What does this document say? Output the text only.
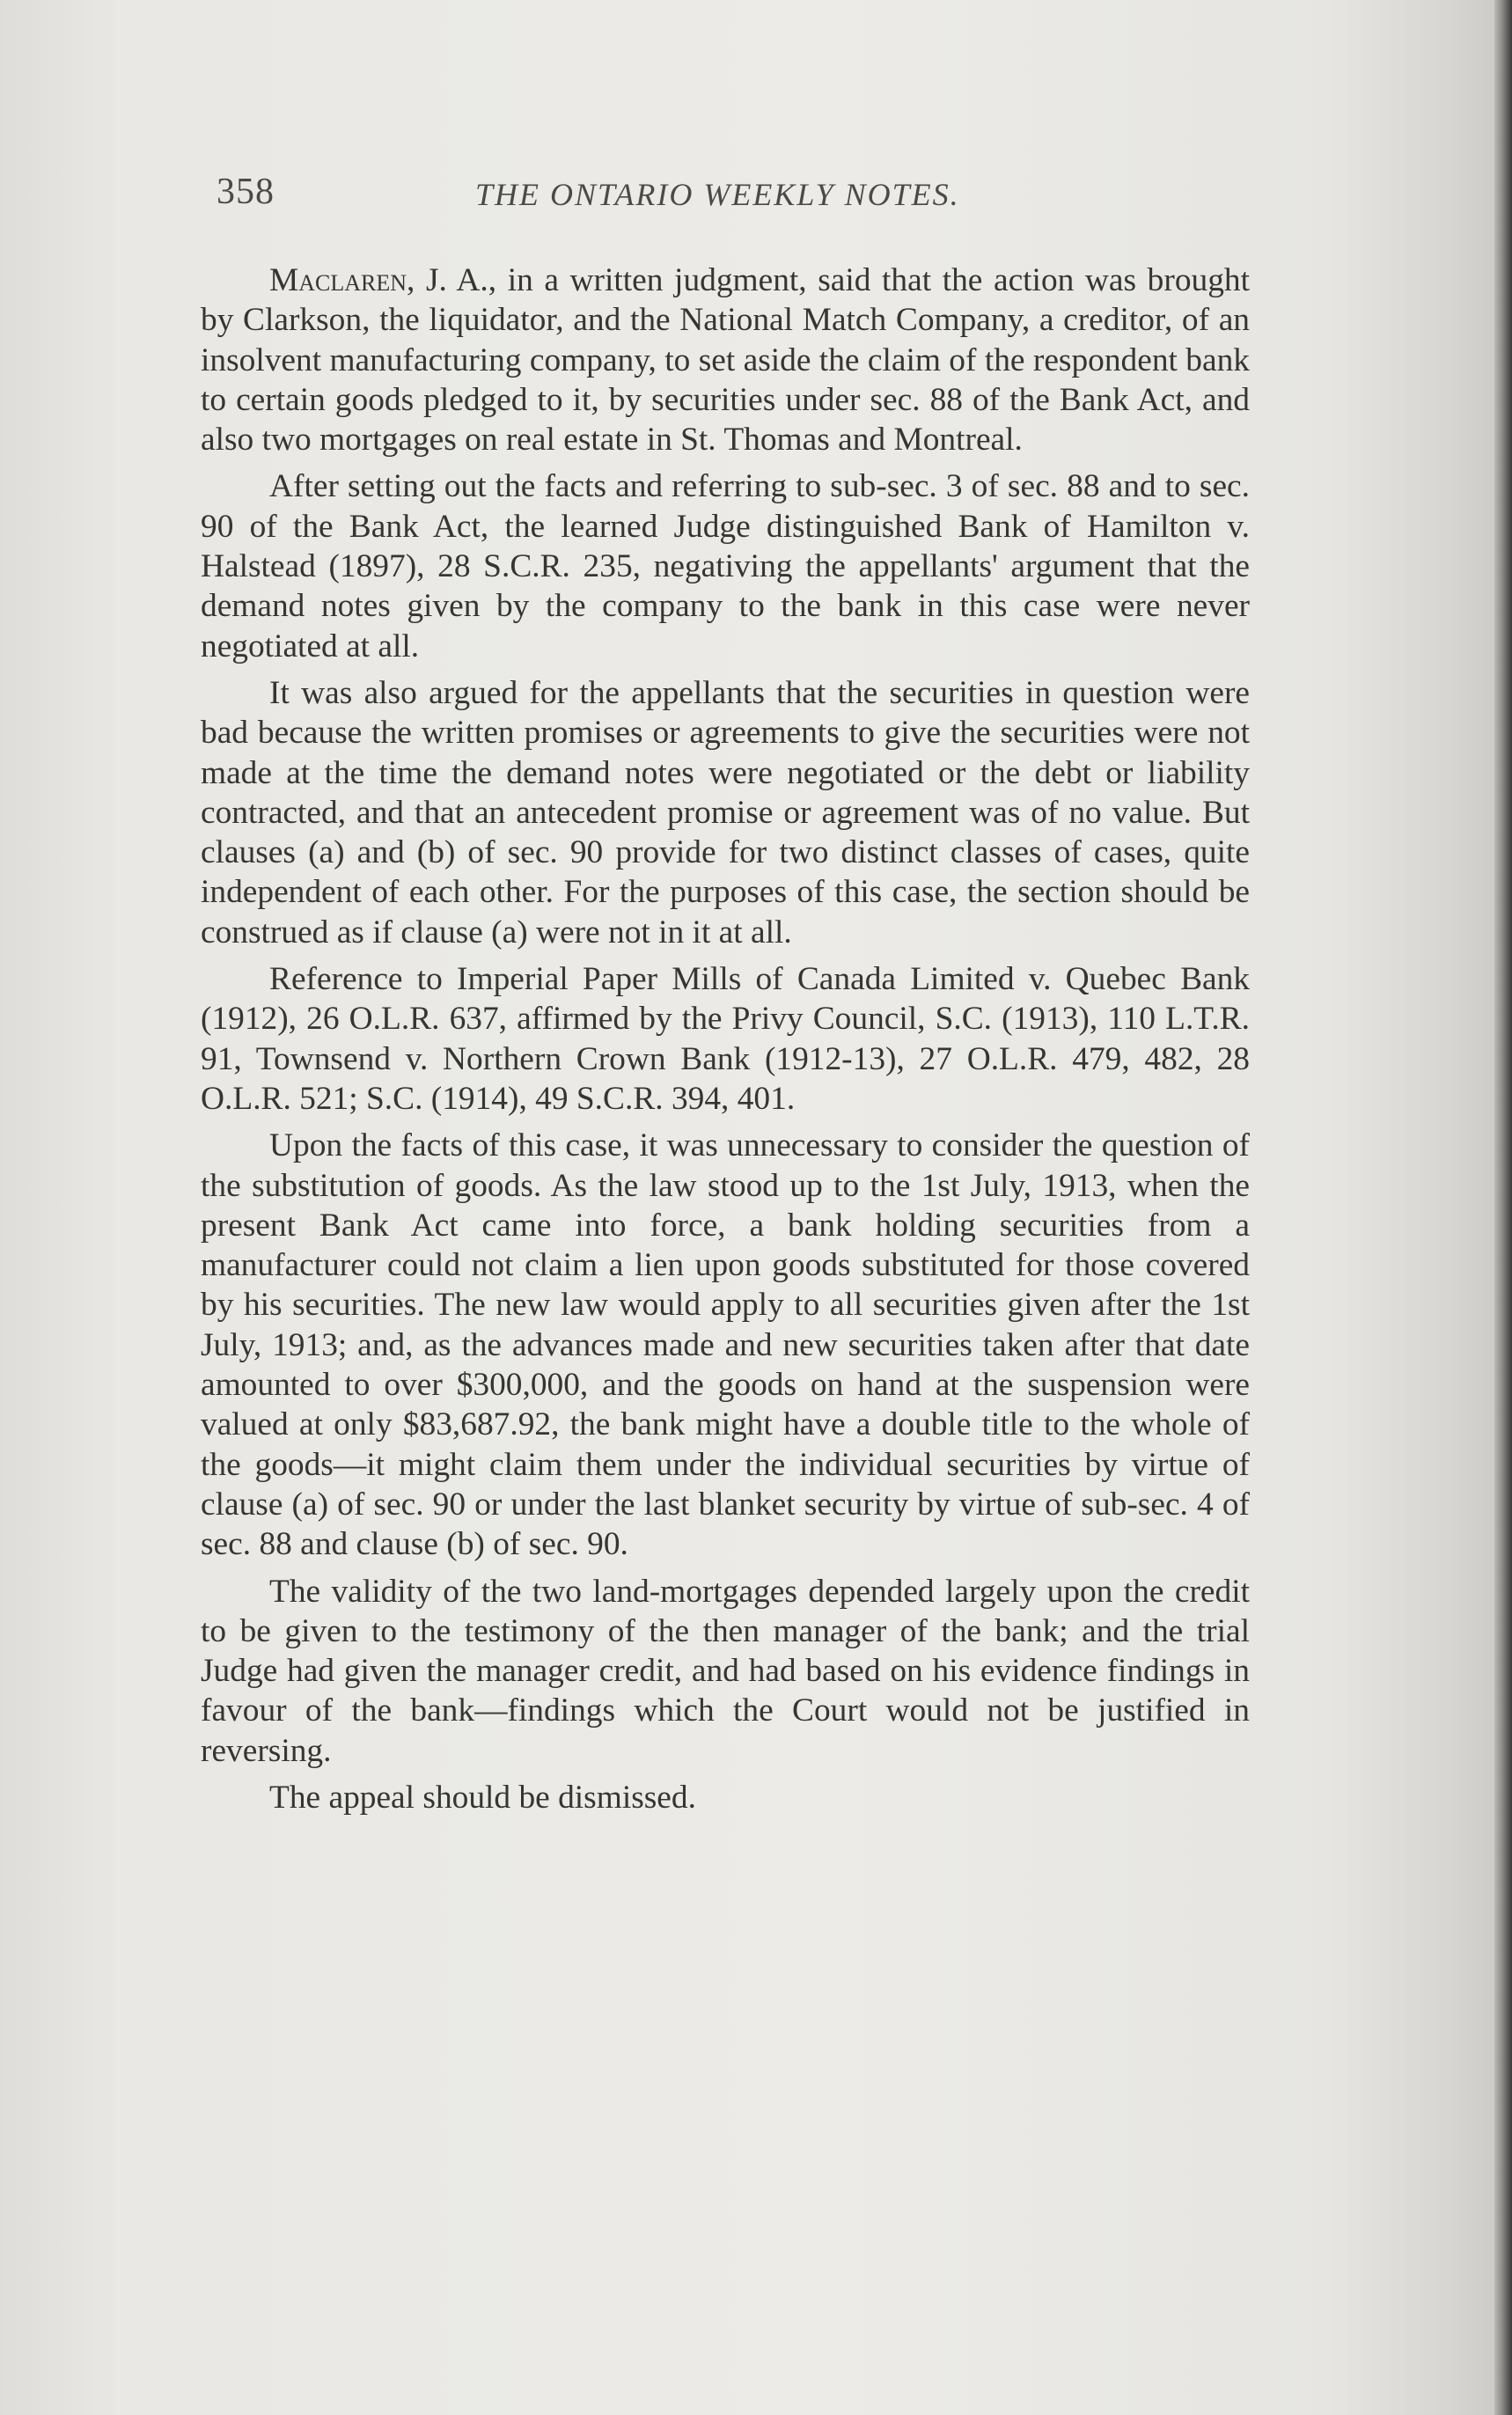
358	THE ONTARIO WEEKLY NOTES.

Maclaren, J. A., in a written judgment, said that the action was brought by Clarkson, the liquidator, and the National Match Company, a creditor, of an insolvent manufacturing company, to set aside the claim of the respondent bank to certain goods pledged to it, by securities under sec. 88 of the Bank Act, and also two mortgages on real estate in St. Thomas and Montreal.

After setting out the facts and referring to sub-sec. 3 of sec. 88 and to sec. 90 of the Bank Act, the learned Judge distinguished Bank of Hamilton v. Halstead (1897), 28 S.C.R. 235, negativing the appellants' argument that the demand notes given by the company to the bank in this case were never negotiated at all.

It was also argued for the appellants that the securities in question were bad because the written promises or agreements to give the securities were not made at the time the demand notes were negotiated or the debt or liability contracted, and that an antecedent promise or agreement was of no value. But clauses (a) and (b) of sec. 90 provide for two distinct classes of cases, quite independent of each other. For the purposes of this case, the section should be construed as if clause (a) were not in it at all.

Reference to Imperial Paper Mills of Canada Limited v. Quebec Bank (1912), 26 O.L.R. 637, affirmed by the Privy Council, S.C. (1913), 110 L.T.R. 91, Townsend v. Northern Crown Bank (1912-13), 27 O.L.R. 479, 482, 28 O.L.R. 521; S.C. (1914), 49 S.C.R. 394, 401.

Upon the facts of this case, it was unnecessary to consider the question of the substitution of goods. As the law stood up to the 1st July, 1913, when the present Bank Act came into force, a bank holding securities from a manufacturer could not claim a lien upon goods substituted for those covered by his securities. The new law would apply to all securities given after the 1st July, 1913; and, as the advances made and new securities taken after that date amounted to over $300,000, and the goods on hand at the suspension were valued at only $83,687.92, the bank might have a double title to the whole of the goods—it might claim them under the individual securities by virtue of clause (a) of sec. 90 or under the last blanket security by virtue of sub-sec. 4 of sec. 88 and clause (b) of sec. 90.

The validity of the two land-mortgages depended largely upon the credit to be given to the testimony of the then manager of the bank; and the trial Judge had given the manager credit, and had based on his evidence findings in favour of the bank—findings which the Court would not be justified in reversing.

The appeal should be dismissed.
